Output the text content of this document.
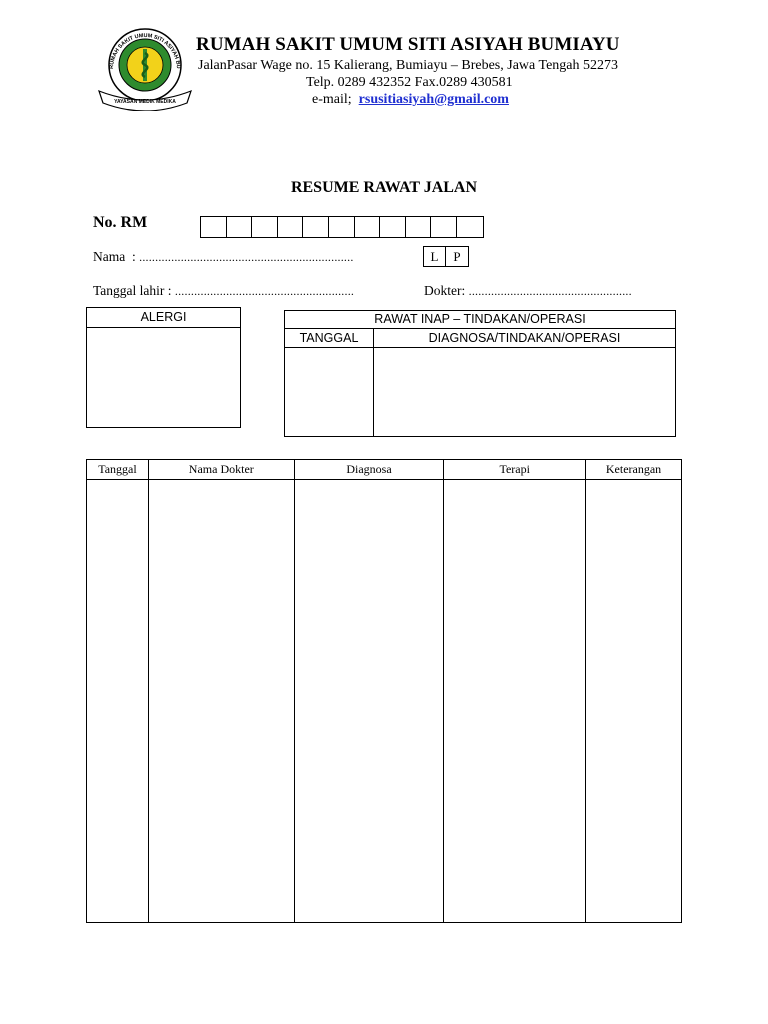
RUMAH SAKIT UMUM SITI ASIYAH BU
YAYASAN MEDIK MEDIKA
RUMAH SAKIT UMUM SITI ASIYAH BUMIAYU
JalanPasar Wage no. 15 Kalierang, Bumiayu – Brebes, Jawa Tengah 52273
Telp. 0289 432352 Fax.0289 430581
e-mail; rsusitiasiyah@gmail.com
RESUME RAWAT JALAN
No. RM
Nama : ...................................................................	L	P
Tanggal lahir : ........................................................	Dokter: ...................................................
ALERGI	RAWAT INAP – TINDAKAN/OPERASI
TANGGAL	DIAGNOSA/TINDAKAN/OPERASI
Tanggal	Nama Dokter	Diagnosa	Terapi	Keterangan
